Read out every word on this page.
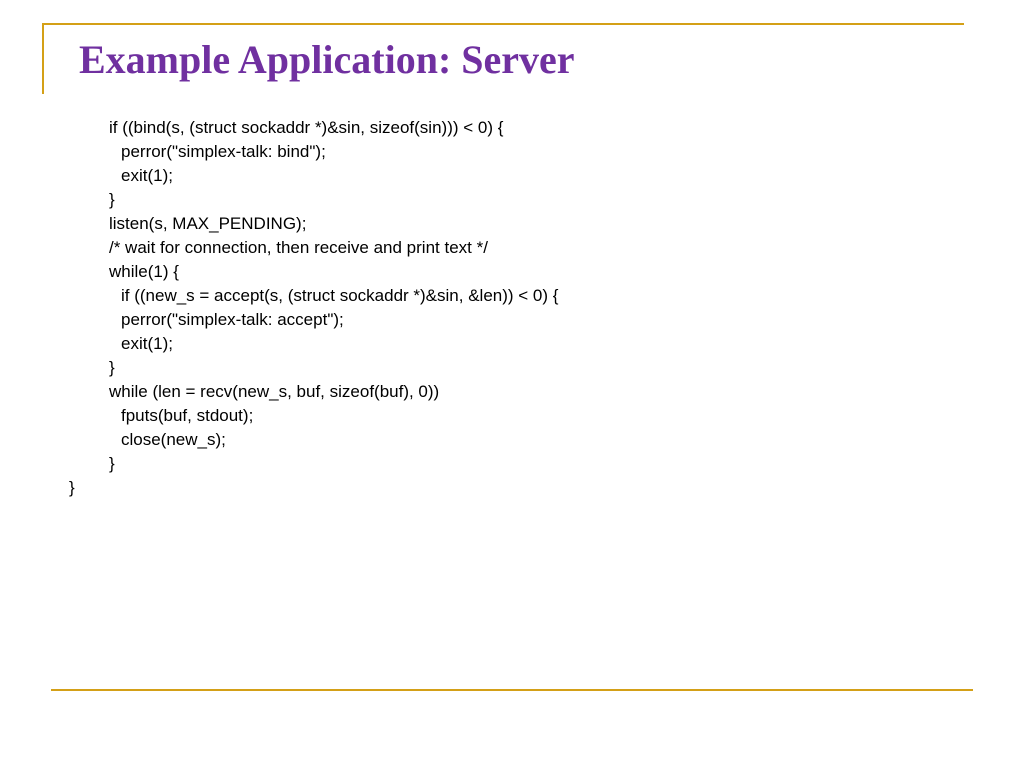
Example Application: Server
if ((bind(s, (struct sockaddr *)&sin, sizeof(sin))) < 0) {
perror("simplex-talk: bind");
exit(1);
}
listen(s, MAX_PENDING);
/* wait for connection, then receive and print text */
while(1) {
if ((new_s = accept(s, (struct sockaddr *)&sin, &len)) < 0) {
perror("simplex-talk: accept");
exit(1);
}
while (len = recv(new_s, buf, sizeof(buf), 0))
fputs(buf, stdout);
close(new_s);
}
}
